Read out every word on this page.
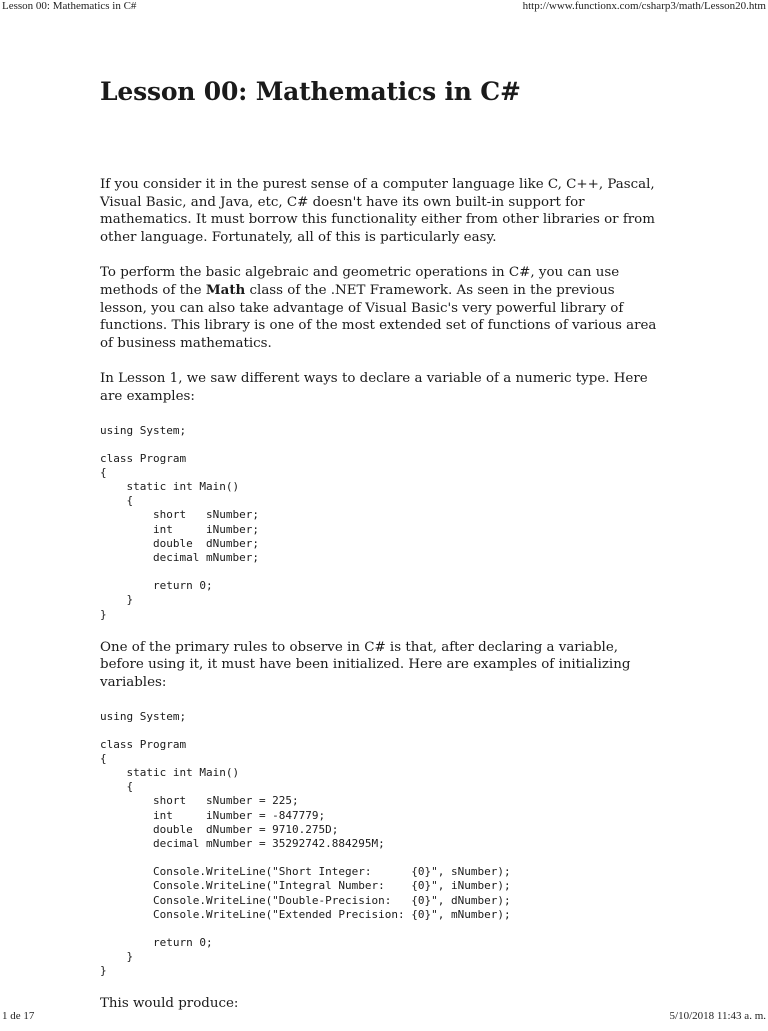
Lesson 00: Mathematics in C#	http://www.functionx.com/csharp3/math/Lesson20.htm
Lesson 00: Mathematics in C#

If you consider it in the purest sense of a computer language like C, C++, Pascal, Visual Basic, and Java, etc, C# doesn't have its own built-in support for mathematics. It must borrow this functionality either from other libraries or from other language. Fortunately, all of this is particularly easy.

To perform the basic algebraic and geometric operations in C#, you can use methods of the Math class of the .NET Framework. As seen in the previous lesson, you can also take advantage of Visual Basic's very powerful library of functions. This library is one of the most extended set of functions of various area of business mathematics.

In Lesson 1, we saw different ways to declare a variable of a numeric type. Here are examples:

using System;

class Program
{
static int Main()
{
short   sNumber;
int     iNumber;
double  dNumber;
decimal mNumber;

return 0;
}
}

One of the primary rules to observe in C# is that, after declaring a variable, before using it, it must have been initialized. Here are examples of initializing variables:

using System;

class Program
{
static int Main()
{
short   sNumber = 225;
int     iNumber = -847779;
double  dNumber = 9710.275D;
decimal mNumber = 35292742.884295M;

Console.WriteLine("Short Integer:      {0}", sNumber);
Console.WriteLine("Integral Number:    {0}", iNumber);
Console.WriteLine("Double-Precision:   {0}", dNumber);
Console.WriteLine("Extended Precision: {0}", mNumber);

return 0;
}
}

This would produce:

1 de 17	5/10/2018 11:43 a. m.
